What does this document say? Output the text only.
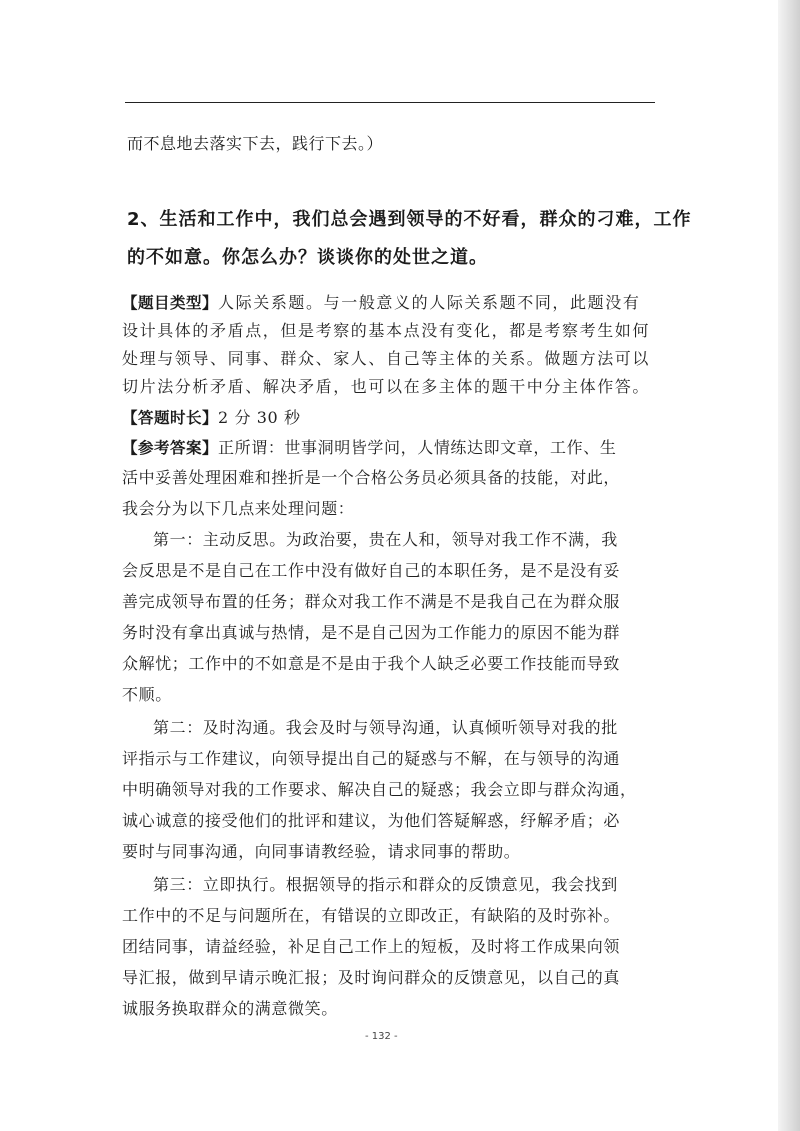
而不息地去落实下去，践行下去。）
2、生活和工作中，我们总会遇到领导的不好看，群众的刁难，工作
的不如意。你怎么办？谈谈你的处世之道。
【题目类型】人际关系题。与一般意义的人际关系题不同，此题没有
设计具体的矛盾点，但是考察的基本点没有变化，都是考察考生如何
处理与领导、同事、群众、家人、自己等主体的关系。做题方法可以
切片法分析矛盾、解决矛盾，也可以在多主体的题干中分主体作答。
【答题时长】2 分 30 秒
【参考答案】正所谓：世事洞明皆学问，人情练达即文章，工作、生
活中妥善处理困难和挫折是一个合格公务员必须具备的技能，对此，
我会分为以下几点来处理问题：
第一：主动反思。为政治要，贵在人和，领导对我工作不满，我
会反思是不是自己在工作中没有做好自己的本职任务，是不是没有妥
善完成领导布置的任务；群众对我工作不满是不是我自己在为群众服
务时没有拿出真诚与热情，是不是自己因为工作能力的原因不能为群
众解忧；工作中的不如意是不是由于我个人缺乏必要工作技能而导致
不顺。
第二：及时沟通。我会及时与领导沟通，认真倾听领导对我的批
评指示与工作建议，向领导提出自己的疑惑与不解，在与领导的沟通
中明确领导对我的工作要求、解决自己的疑惑；我会立即与群众沟通，
诚心诚意的接受他们的批评和建议，为他们答疑解惑，纾解矛盾；必
要时与同事沟通，向同事请教经验，请求同事的帮助。
第三：立即执行。根据领导的指示和群众的反馈意见，我会找到
工作中的不足与问题所在，有错误的立即改正，有缺陷的及时弥补。
团结同事，请益经验，补足自己工作上的短板，及时将工作成果向领
导汇报，做到早请示晚汇报；及时询问群众的反馈意见，以自己的真
诚服务换取群众的满意微笑。
- 132 -
